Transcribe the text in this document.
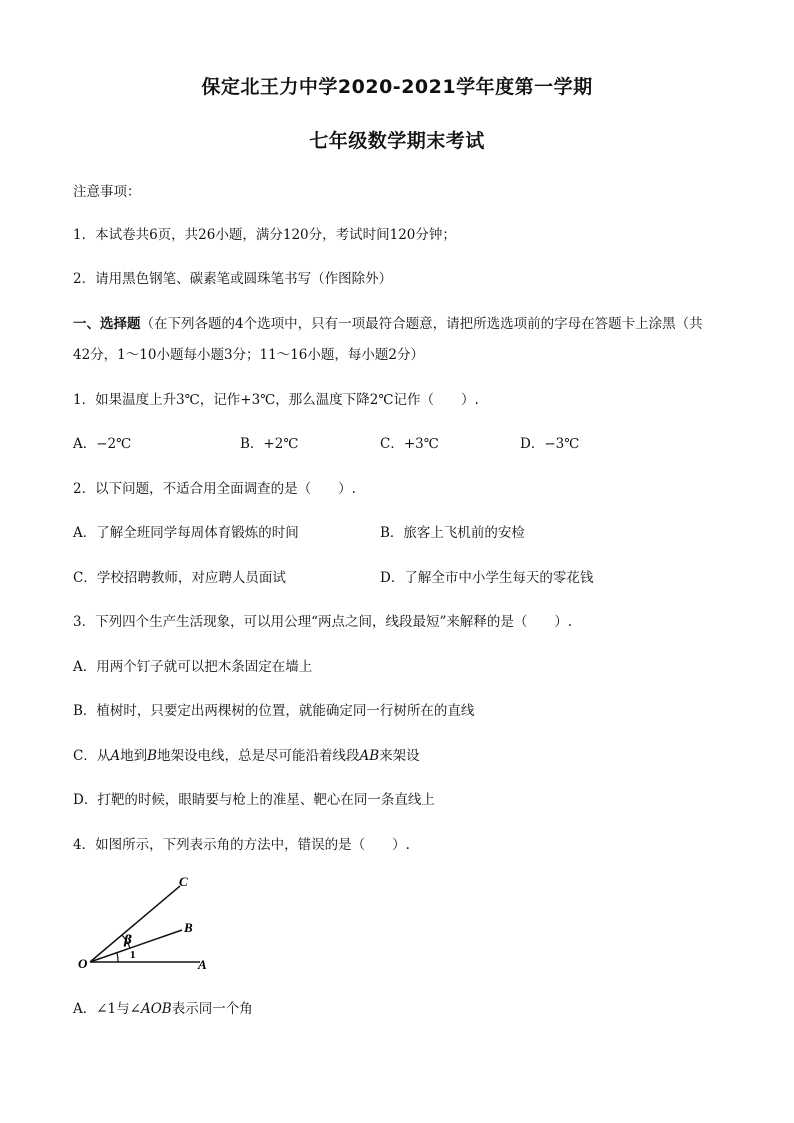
保定北王力中学2020-2021学年度第一学期
七年级数学期末考试
注意事项：
1．本试卷共6页，共26小题，满分120分，考试时间120分钟；
2．请用黑色钢笔、碳素笔或圆珠笔书写（作图除外）
一、选择题（在下列各题的4个选项中，只有一项最符合题意，请把所选选项前的字母在答题卡上涂黑（共
42分，1～10小题每小题3分；11～16小题，每小题2分）
1．如果温度上升3℃，记作+3℃，那么温度下降2℃记作（　　）.
A．−2℃	B．+2℃	C．+3℃	D．−3℃
2．以下问题，不适合用全面调查的是（　　）.
A．了解全班同学每周体育锻炼的时间	B．旅客上飞机前的安检
C．学校招聘教师，对应聘人员面试	D．了解全市中小学生每天的零花钱
3．下列四个生产生活现象，可以用公理“两点之间，线段最短”来解释的是（　　）.
A．用两个钉子就可以把木条固定在墙上
B．植树时，只要定出两棵树的位置，就能确定同一行树所在的直线
C．从A地到B地架设电线，总是尽可能沿着线段AB来架设
D．打靶的时候，眼睛要与枪上的准星、靶心在同一条直线上
4．如图所示，下列表示角的方法中，错误的是（　　）.
C
B
A
O
β
1
A．∠1与∠AOB表示同一个角
